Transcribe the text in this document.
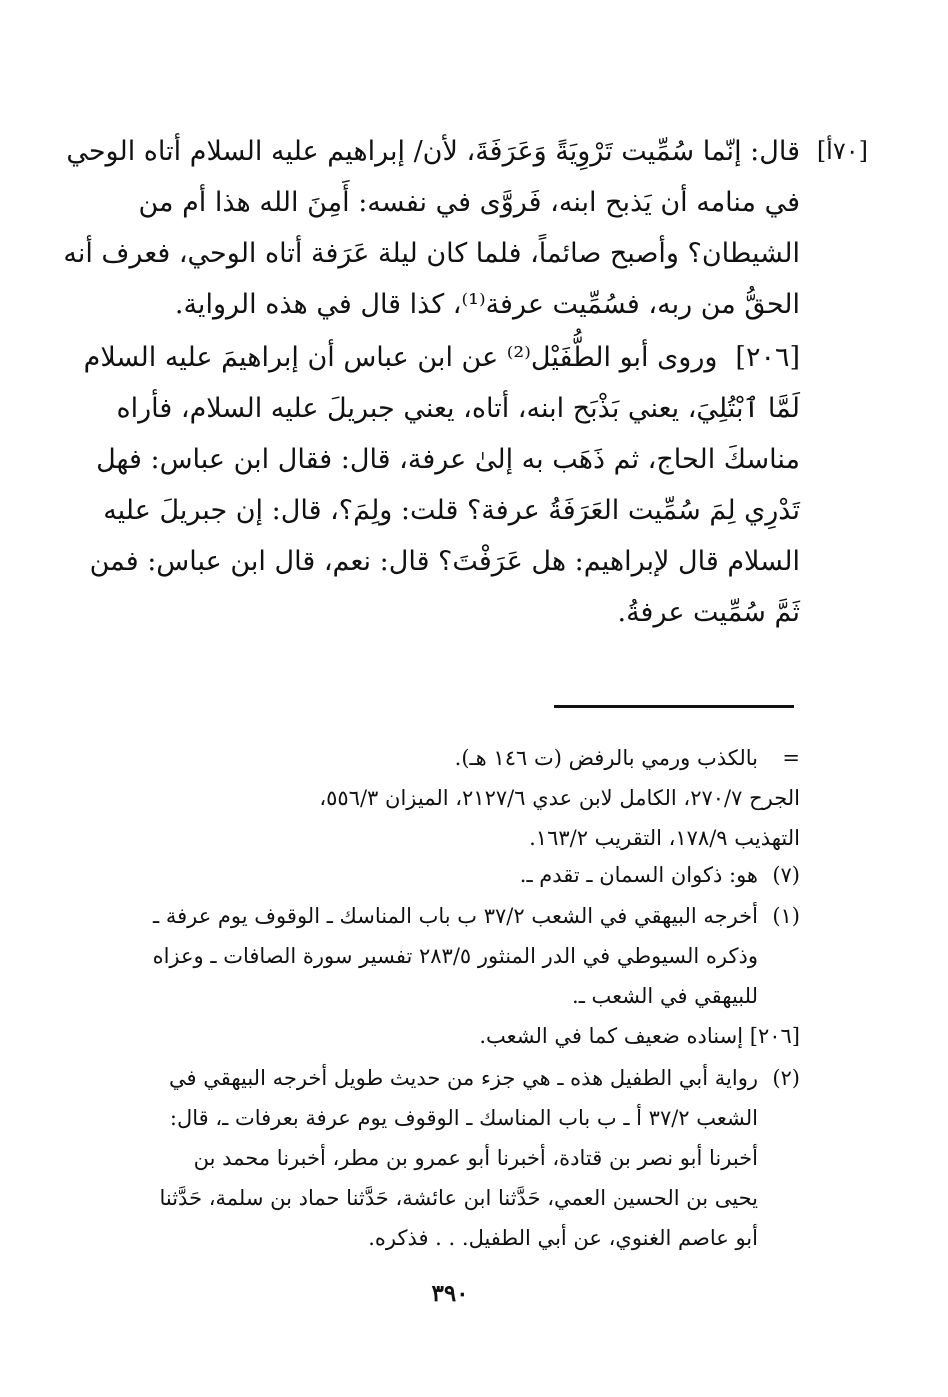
[٧٠أ]
قال: إنّما سُمِّيت تَرْوِيَةً وَعَرَفَةَ، لأن/ إبراهيم عليه السلام أتاه الوحي
في منامه أن يَذبح ابنه، فَروَّى في نفسه: أَمِنَ الله هذا أم من
الشيطان؟ وأصبح صائماً، فلما كان ليلة عَرَفة أتاه الوحي، فعرف أنه
الحقُّ من ربه، فسُمِّيت عرفة⁽¹⁾، كذا قال في هذه الرواية.
[٢٠٦]وروى أبو الطُّفَيْل⁽²⁾ عن ابن عباس أن إبراهيمَ عليه السلام
لَمَّا ٱبْتُلِيَ، يعني بَذْبَح ابنه، أتاه، يعني جبريلَ عليه السلام، فأراه
مناسكَ الحاج، ثم ذَهَب به إلىٰ عرفة، قال: فقال ابن عباس: فهل
تَدْرِي لِمَ سُمِّيت العَرَفَةُ عرفة؟ قلت: ولِمَ؟، قال: إن جبريلَ عليه
السلام قال لإبراهيم: هل عَرَفْتَ؟ قال: نعم، قال ابن عباس: فمن
ثَمَّ سُمِّيت عرفةُ.
=
بالكذب ورمي بالرفض (ت ١٤٦ هـ).
الجرح ٢٧٠/٧، الكامل لابن عدي ٢١٢٧/٦، الميزان ٥٥٦/٣،
التهذيب ١٧٨/٩، التقريب ١٦٣/٢.
(٧)
هو: ذكوان السمان ـ تقدم ـ.
(١)
أخرجه البيهقي في الشعب ٣٧/٢ ب باب المناسك ـ الوقوف يوم عرفة ـ
وذكره السيوطي في الدر المنثور ٢٨٣/٥ تفسير سورة الصافات ـ وعزاه
للبيهقي في الشعب ـ.
[٢٠٦] إسناده ضعيف كما في الشعب.
(٢)
رواية أبي الطفيل هذه ـ هي جزء من حديث طويل أخرجه البيهقي في
الشعب ٣٧/٢ أ ـ ب باب المناسك ـ الوقوف يوم عرفة بعرفات ـ، قال:
أخبرنا أبو نصر بن قتادة، أخبرنا أبو عمرو بن مطر، أخبرنا محمد بن
يحيى بن الحسين العمي، حَدَّثنا ابن عائشة، حَدَّثنا حماد بن سلمة، حَدَّثنا
أبو عاصم الغنوي، عن أبي الطفيل. . . فذكره.
٣٩٠
